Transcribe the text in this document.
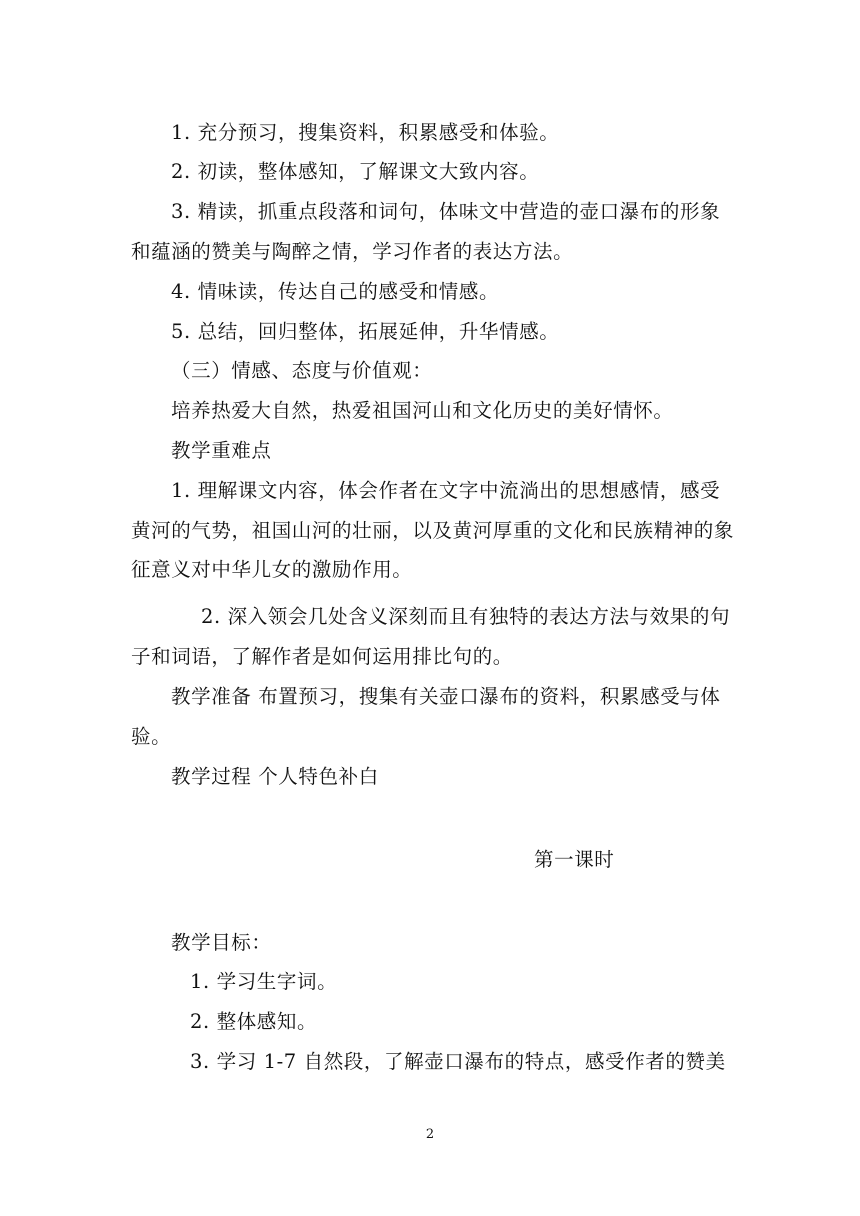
1. 充分预习，搜集资料，积累感受和体验。
2. 初读，整体感知，了解课文大致内容。
3. 精读，抓重点段落和词句，体味文中营造的壶口瀑布的形象
和蕴涵的赞美与陶醉之情，学习作者的表达方法。
4. 情味读，传达自己的感受和情感。
5. 总结，回归整体，拓展延伸，升华情感。
（三）情感、态度与价值观：
培养热爱大自然，热爱祖国河山和文化历史的美好情怀。
教学重难点
1. 理解课文内容，体会作者在文字中流淌出的思想感情，感受
黄河的气势，祖国山河的壮丽，以及黄河厚重的文化和民族精神的象
征意义对中华儿女的激励作用。
2. 深入领会几处含义深刻而且有独特的表达方法与效果的句
子和词语，了解作者是如何运用排比句的。
教学准备 布置预习，搜集有关壶口瀑布的资料，积累感受与体
验。
教学过程 个人特色补白
第一课时
教学目标：
1. 学习生字词。
2. 整体感知。
3. 学习 1-7 自然段，了解壶口瀑布的特点，感受作者的赞美
2
